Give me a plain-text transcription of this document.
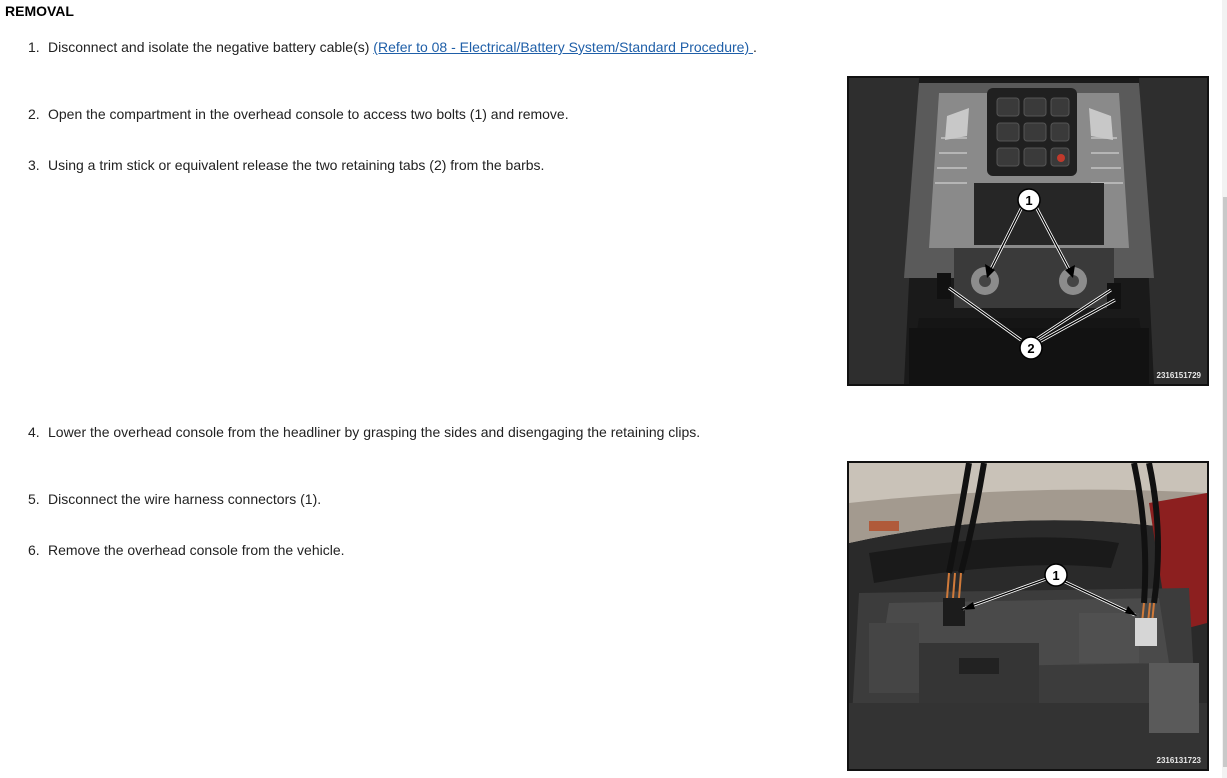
REMOVAL
1. Disconnect and isolate the negative battery cable(s) (Refer to 08 - Electrical/Battery System/Standard Procedure) .
2. Open the compartment in the overhead console to access two bolts (1) and remove.
3. Using a trim stick or equivalent release the two retaining tabs (2) from the barbs.
1
2
2316151729
4. Lower the overhead console from the headliner by grasping the sides and disengaging the retaining clips.
5. Disconnect the wire harness connectors (1).
6. Remove the overhead console from the vehicle.
1
2316131723
